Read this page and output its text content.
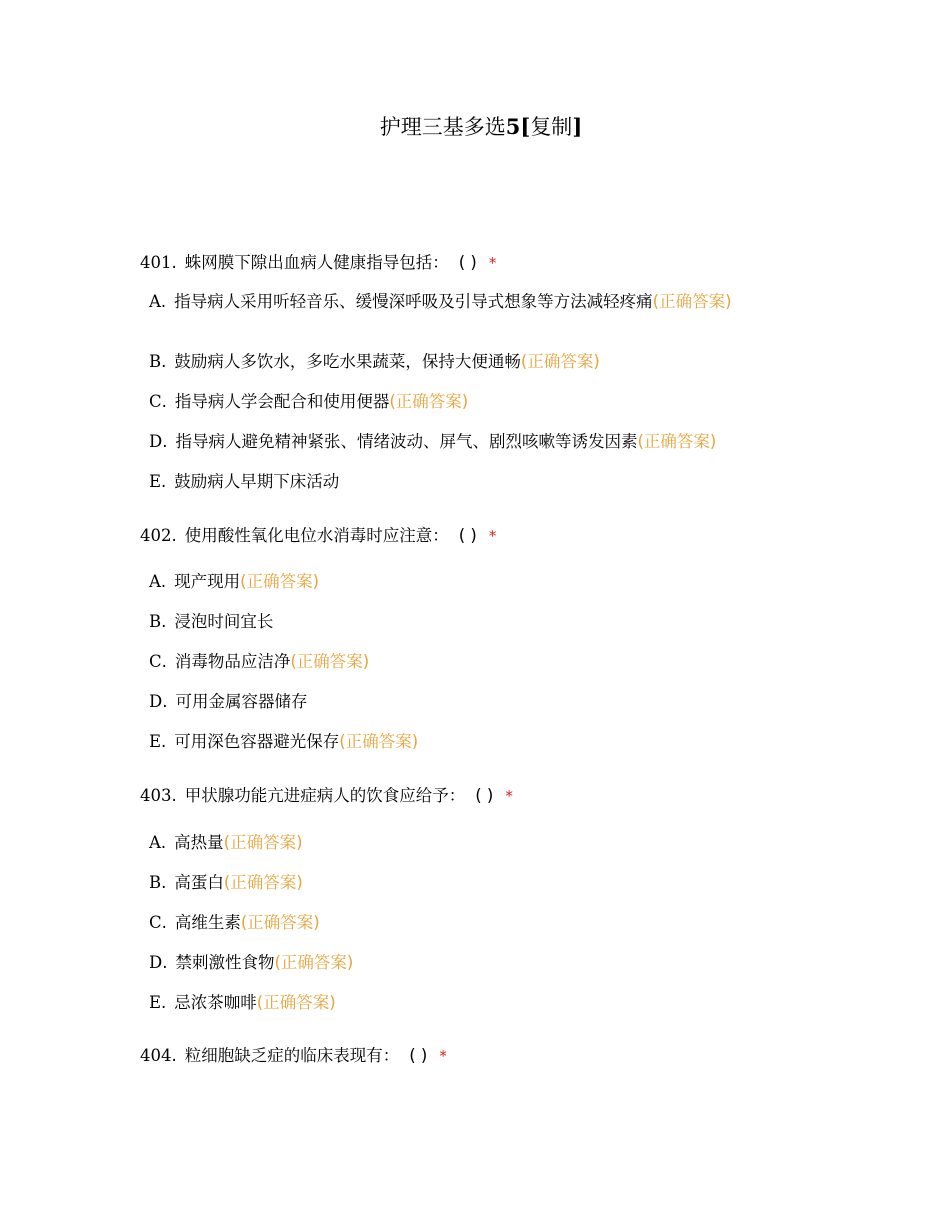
护理三基多选5[复制]
401. 蛛网膜下隙出血病人健康指导包括： ( ) *
A. 指导病人采用听轻音乐、缓慢深呼吸及引导式想象等方法减轻疼痛(正确答案)
B. 鼓励病人多饮水，多吃水果蔬菜，保持大便通畅(正确答案)
C. 指导病人学会配合和使用便器(正确答案)
D. 指导病人避免精神紧张、情绪波动、屏气、剧烈咳嗽等诱发因素(正确答案)
E. 鼓励病人早期下床活动
402. 使用酸性氧化电位水消毒时应注意： ( ) *
A. 现产现用(正确答案)
B. 浸泡时间宜长
C. 消毒物品应洁净(正确答案)
D. 可用金属容器储存
E. 可用深色容器避光保存(正确答案)
403. 甲状腺功能亢进症病人的饮食应给予： ( ) *
A. 高热量(正确答案)
B. 高蛋白(正确答案)
C. 高维生素(正确答案)
D. 禁刺激性食物(正确答案)
E. 忌浓茶咖啡(正确答案)
404. 粒细胞缺乏症的临床表现有： ( ) *
